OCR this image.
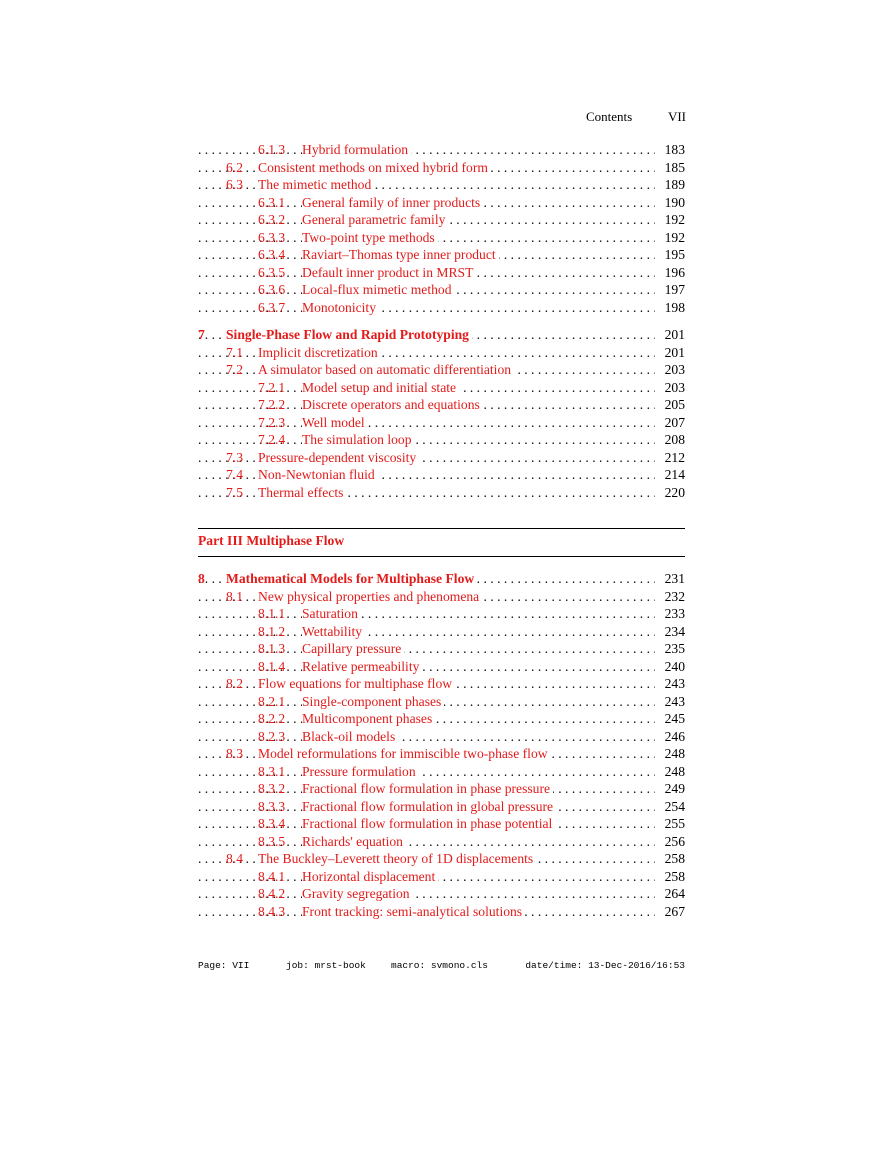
Contents	VII
. . .
6.1.3 Hybrid formulation	183
. . .
6.2 Consistent methods on mixed hybrid form	185
. . .
6.3 The mimetic method	189
. . .
6.3.1 General family of inner products	190
. . .
6.3.2 General parametric family	192
. . .
6.3.3 Two-point type methods	192
. . .
6.3.4 Raviart–Thomas type inner product	195
. . .
6.3.5 Default inner product in MRST	196
. . .
6.3.6 Local-flux mimetic method	197
. . .
6.3.7 Monotonicity	198
. . .
7 Single-Phase Flow and Rapid Prototyping	201
. . .
7.1 Implicit discretization	201
. . .
7.2 A simulator based on automatic differentiation	203
. . .
7.2.1 Model setup and initial state	203
. . .
7.2.2 Discrete operators and equations	205
. . .
7.2.3 Well model	207
. . .
7.2.4 The simulation loop	208
. . .
7.3 Pressure-dependent viscosity	212
. . .
7.4 Non-Newtonian fluid	214
. . .
7.5 Thermal effects	220
Part III Multiphase Flow
. . .
8 Mathematical Models for Multiphase Flow	231
. . .
8.1 New physical properties and phenomena	232
. . .
8.1.1 Saturation	233
. . .
8.1.2 Wettability	234
. . .
8.1.3 Capillary pressure	235
. . .
8.1.4 Relative permeability	240
. . .
8.2 Flow equations for multiphase flow	243
. . .
8.2.1 Single-component phases	243
. . .
8.2.2 Multicomponent phases	245
. . .
8.2.3 Black-oil models	246
. . .
8.3 Model reformulations for immiscible two-phase flow	248
. . .
8.3.1 Pressure formulation	248
. . .
8.3.2 Fractional flow formulation in phase pressure	249
. . .
8.3.3 Fractional flow formulation in global pressure	254
. . .
8.3.4 Fractional flow formulation in phase potential	255
. . .
8.3.5 Richards' equation	256
. . .
8.4 The Buckley–Leverett theory of 1D displacements	258
. . .
8.4.1 Horizontal displacement	258
. . .
8.4.2 Gravity segregation	264
. . .
8.4.3 Front tracking: semi-analytical solutions	267
Page: VII	job: mrst-book	macro: svmono.cls	date/time: 13-Dec-2016/16:53
